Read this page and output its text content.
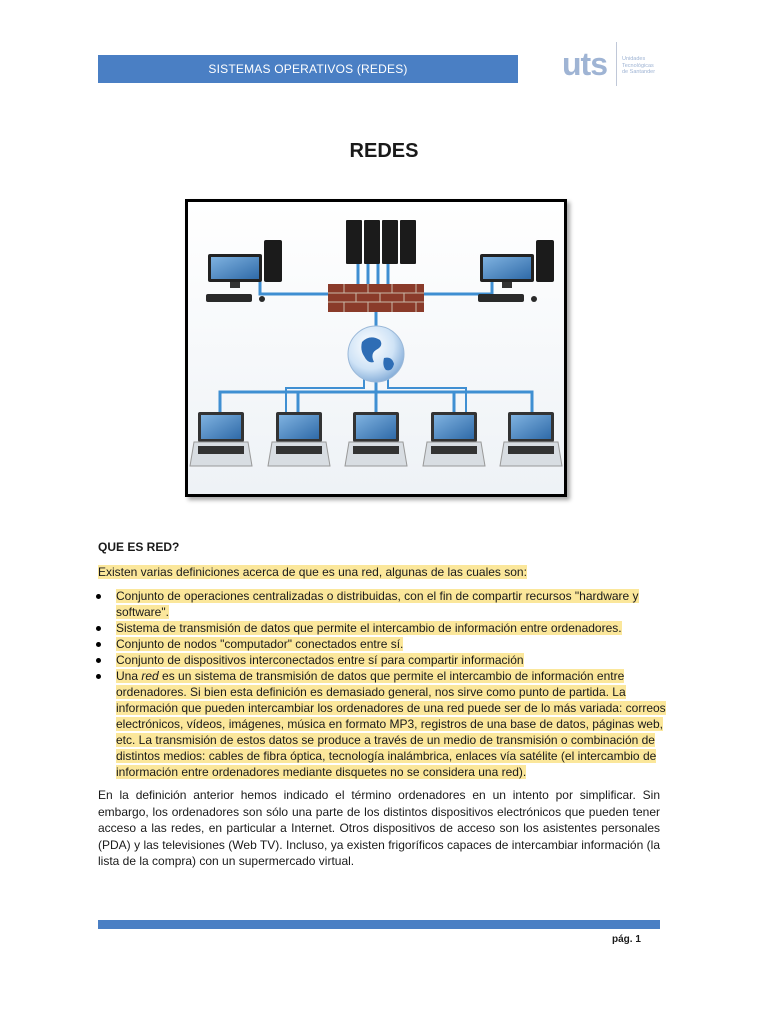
SISTEMAS OPERATIVOS (REDES)	uts	Unidades
Tecnológicas
de Santander
REDES
QUE ES RED?
Existen varias definiciones acerca de que es una red, algunas de las cuales son:
Conjunto de operaciones centralizadas o distribuidas, con el fin de compartir recursos "hardware y software".
Sistema de transmisión de datos que permite el intercambio de información entre ordenadores.
Conjunto de nodos "computador" conectados entre sí.
Conjunto de dispositivos interconectados entre sí para compartir información
Una red es un sistema de transmisión de datos que permite el intercambio de información entre ordenadores. Si bien esta definición es demasiado general, nos sirve como punto de partida. La información que pueden intercambiar los ordenadores de una red puede ser de lo más variada: correos electrónicos, vídeos, imágenes, música en formato MP3, registros de una base de datos, páginas web, etc. La transmisión de estos datos se produce a través de un medio de transmisión o combinación de distintos medios: cables de fibra óptica, tecnología inalámbrica, enlaces vía satélite (el intercambio de información entre ordenadores mediante disquetes no se considera una red).
En la definición anterior hemos indicado el término ordenadores en un intento por simplificar. Sin embargo, los ordenadores son sólo una parte de los distintos dispositivos electrónicos que pueden tener acceso a las redes, en particular a Internet. Otros dispositivos de acceso son los asistentes personales (PDA) y las televisiones (Web TV). Incluso, ya existen frigoríficos capaces de intercambiar información (la lista de la compra) con un supermercado virtual.
pág. 1
